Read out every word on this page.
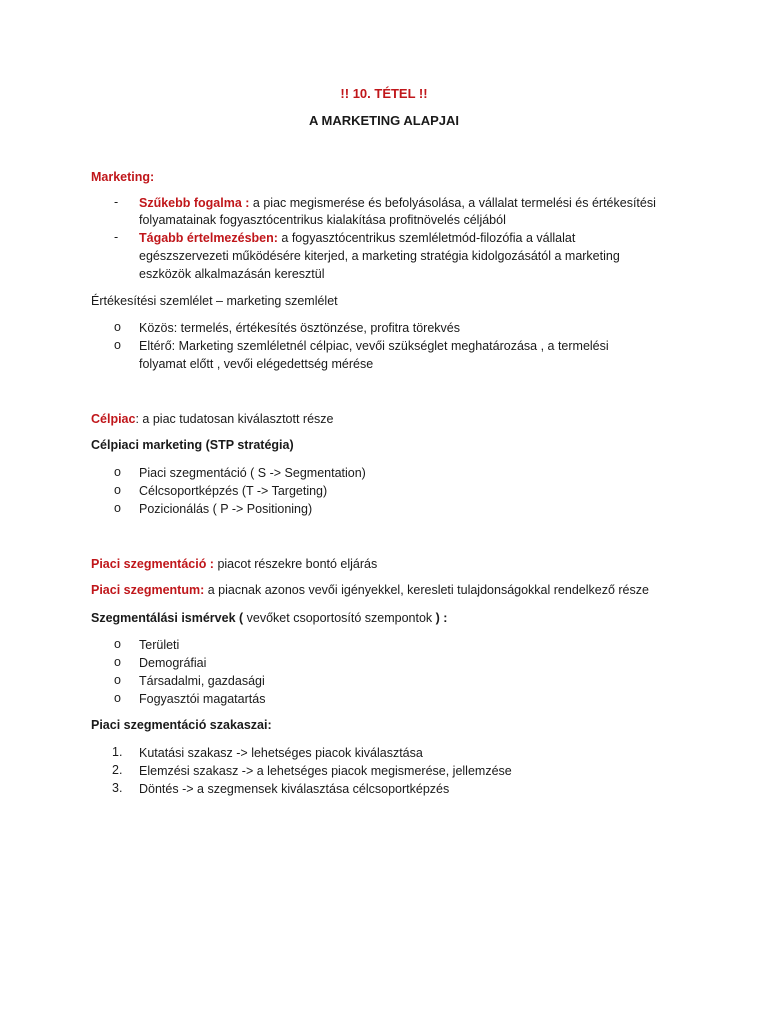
!! 10. TÉTEL !!
A MARKETING ALAPJAI
Marketing:
- Szűkebb fogalma : a piac megismerése és befolyásolása, a vállalat termelési és értékesítési
folyamatainak fogyasztócentrikus kialakítása profitnövelés céljából
- Tágabb értelmezésben: a fogyasztócentrikus szemléletmód-filozófia a vállalat
egészszervezeti működésére kiterjed, a marketing stratégia kidolgozásától a marketing
eszközök alkalmazásán keresztül
Értékesítési szemlélet – marketing szemlélet
o Közös: termelés, értékesítés ösztönzése, profitra törekvés
o Eltérő: Marketing szemléletnél célpiac, vevői szükséglet meghatározása , a termelési
folyamat előtt , vevői elégedettség mérése
Célpiac: a piac tudatosan kiválasztott része
Célpiaci marketing (STP stratégia)
o Piaci szegmentáció ( S -> Segmentation)
o Célcsoportképzés (T -> Targeting)
o Pozicionálás ( P -> Positioning)
Piaci szegmentáció : piacot részekre bontó eljárás
Piaci szegmentum: a piacnak azonos vevői igényekkel, keresleti tulajdonságokkal rendelkező része
Szegmentálási ismérvek ( vevőket csoportosító szempontok ) :
o Területi
o Demográfiai
o Társadalmi, gazdasági
o Fogyasztói magatartás
Piaci szegmentáció szakaszai:
1. Kutatási szakasz -> lehetséges piacok kiválasztása
2. Elemzési szakasz -> a lehetséges piacok megismerése, jellemzése
3. Döntés -> a szegmensek kiválasztása célcsoportképzés
